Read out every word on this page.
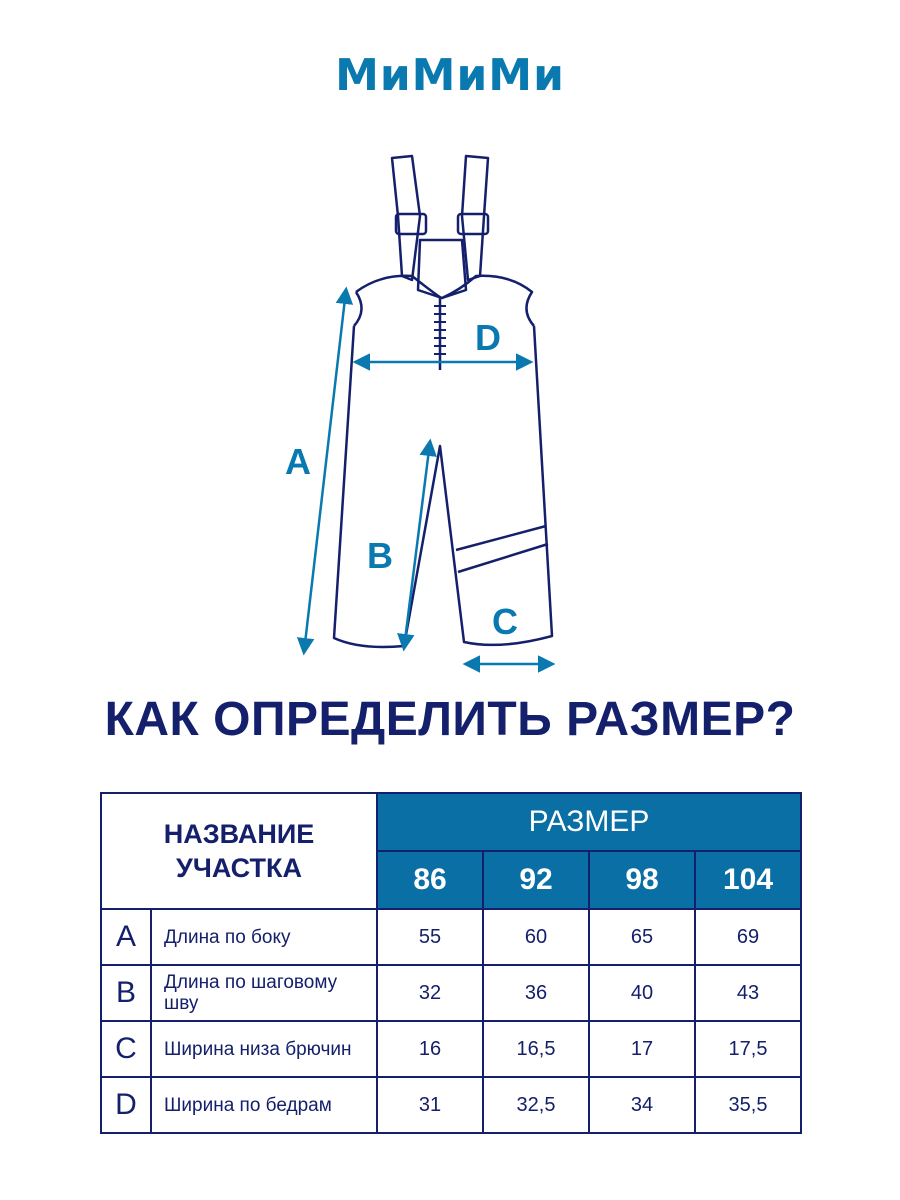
МиМиМи
A
B
C
D
КАК ОПРЕДЕЛИТЬ РАЗМЕР?
НАЗВАНИЕ УЧАСТКА		РАЗМЕР			
		86	92	98	104
A	Длина по боку	55	60	65	69
B	Длина по шаговому шву	32	36	40	43
C	Ширина низа брючин	16	16,5	17	17,5
D	Ширина по бедрам	31	32,5	34	35,5
